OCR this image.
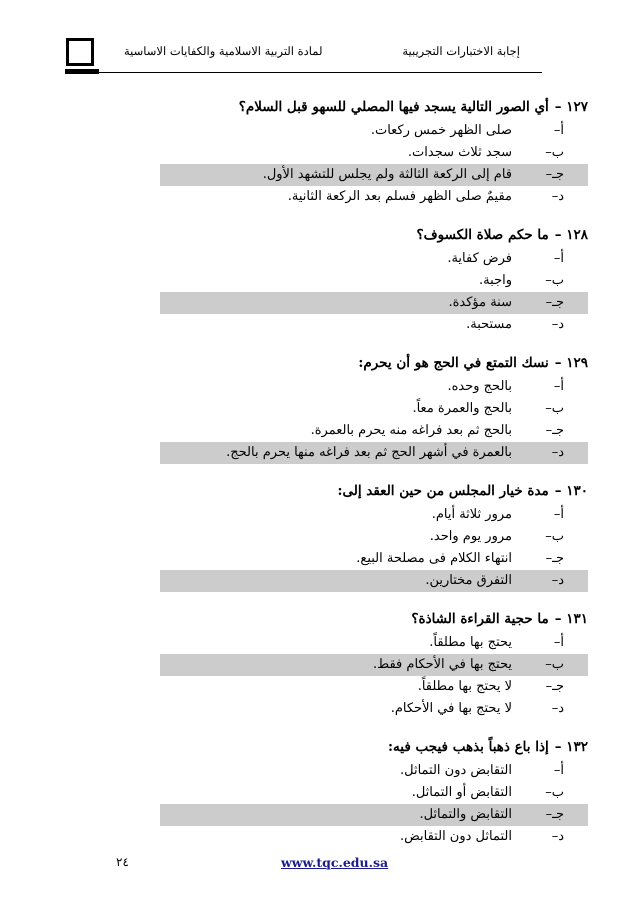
لمادة التربية الاسلامية والكفايات الاساسية	إجابة الاختبارات التجريبية
١٢٧ –أي الصور التالية يسجد فيها المصلي للسهو قبل السلام؟
أ–صلى الظهر خمس ركعات.
ب–سجد ثلاث سجدات.
جـ–قام إلى الركعة الثالثة ولم يجلس للتشهد الأول.
د–مقيمٌ صلى الظهر فسلم بعد الركعة الثانية.
١٢٨ –ما حكم صلاة الكسوف؟
أ–فرض كفاية.
ب–واجبة.
جـ–سنة مؤكدة.
د–مستحبة.
١٢٩ –نسك التمتع في الحج هو أن يحرم:
أ–بالحج وحده.
ب–بالحج والعمرة معاً.
جـ–بالحج ثم بعد فراغه منه يحرم بالعمرة.
د–بالعمرة في أشهر الحج ثم بعد فراغه منها يحرم بالحج.
١٣٠ –مدة خيار المجلس من حين العقد إلى:
أ–مرور ثلاثة أيام.
ب–مرور يوم واحد.
جـ–انتهاء الكلام فى مصلحة البيع.
د–التفرق مختارين.
١٣١ –ما حجية القراءة الشاذة؟
أ–يحتج بها مطلقاً.
ب–يحتج بها في الأحكام فقط.
جـ–لا يحتج بها مطلقاً.
د–لا يحتج بها في الأحكام.
١٣٢ –إذا باع ذهباً بذهب فيجب فيه:
أ–التقابض دون التماثل.
ب–التقابض أو التماثل.
جـ–التقابض والتماثل.
د–التماثل دون التقابض.
www.tqc.edu.sa
٢٤
